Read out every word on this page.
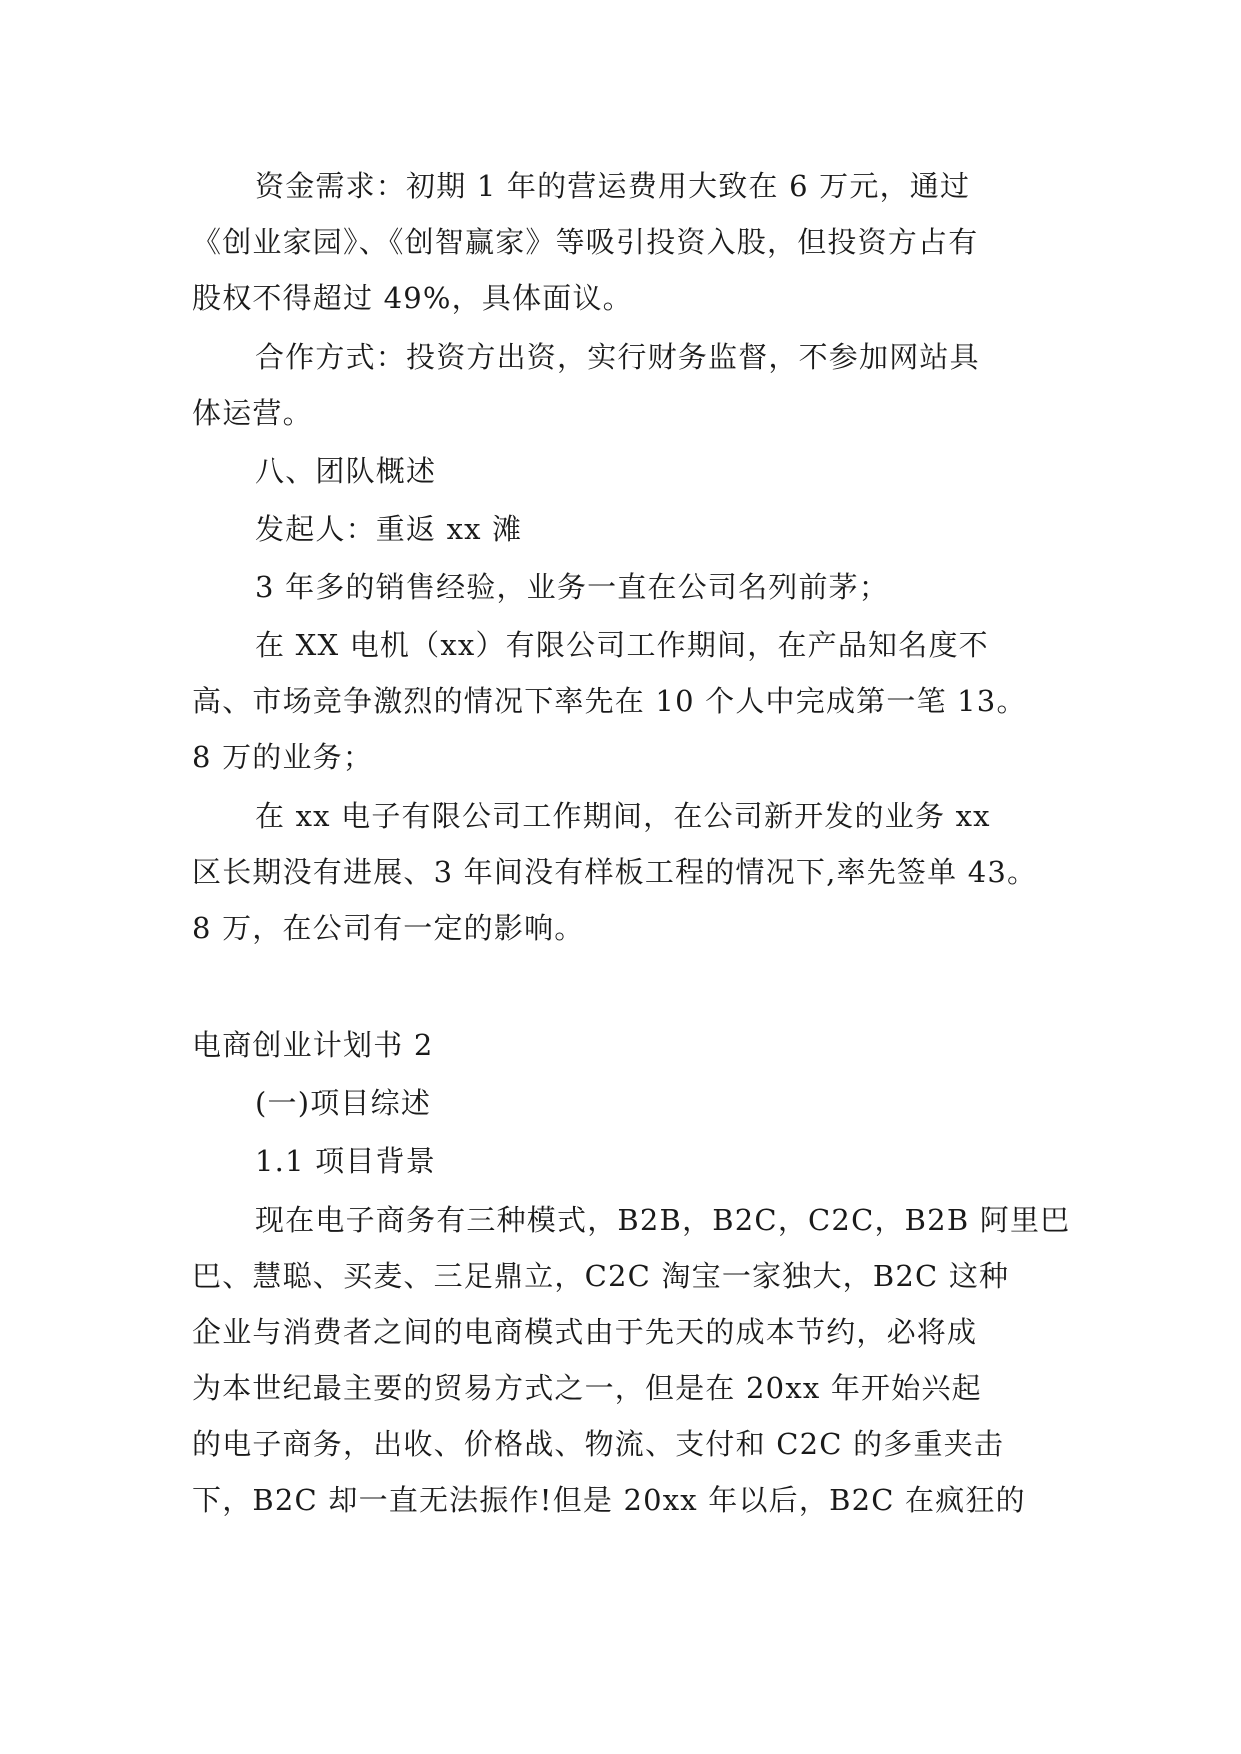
资金需求：初期 1 年的营运费用大致在 6 万元，通过
《创业家园》、《创智赢家》等吸引投资入股，但投资方占有
股权不得超过 49%，具体面议。
合作方式：投资方出资，实行财务监督，不参加网站具
体运营。
八、团队概述
发起人：重返 xx 滩
3 年多的销售经验，业务一直在公司名列前茅；
在 XX 电机（xx）有限公司工作期间，在产品知名度不
高、市场竞争激烈的情况下率先在 10 个人中完成第一笔 13。
8 万的业务；
在 xx 电子有限公司工作期间，在公司新开发的业务 xx
区长期没有进展、3 年间没有样板工程的情况下,率先签单 43。
8 万，在公司有一定的影响。
电商创业计划书 2
(一)项目综述
1.1 项目背景
现在电子商务有三种模式，B2B，B2C，C2C，B2B 阿里巴
巴、慧聪、买麦、三足鼎立，C2C 淘宝一家独大，B2C 这种
企业与消费者之间的电商模式由于先天的成本节约，必将成
为本世纪最主要的贸易方式之一，但是在 20xx 年开始兴起
的电子商务，出收、价格战、物流、支付和 C2C 的多重夹击
下，B2C 却一直无法振作!但是 20xx 年以后，B2C 在疯狂的
